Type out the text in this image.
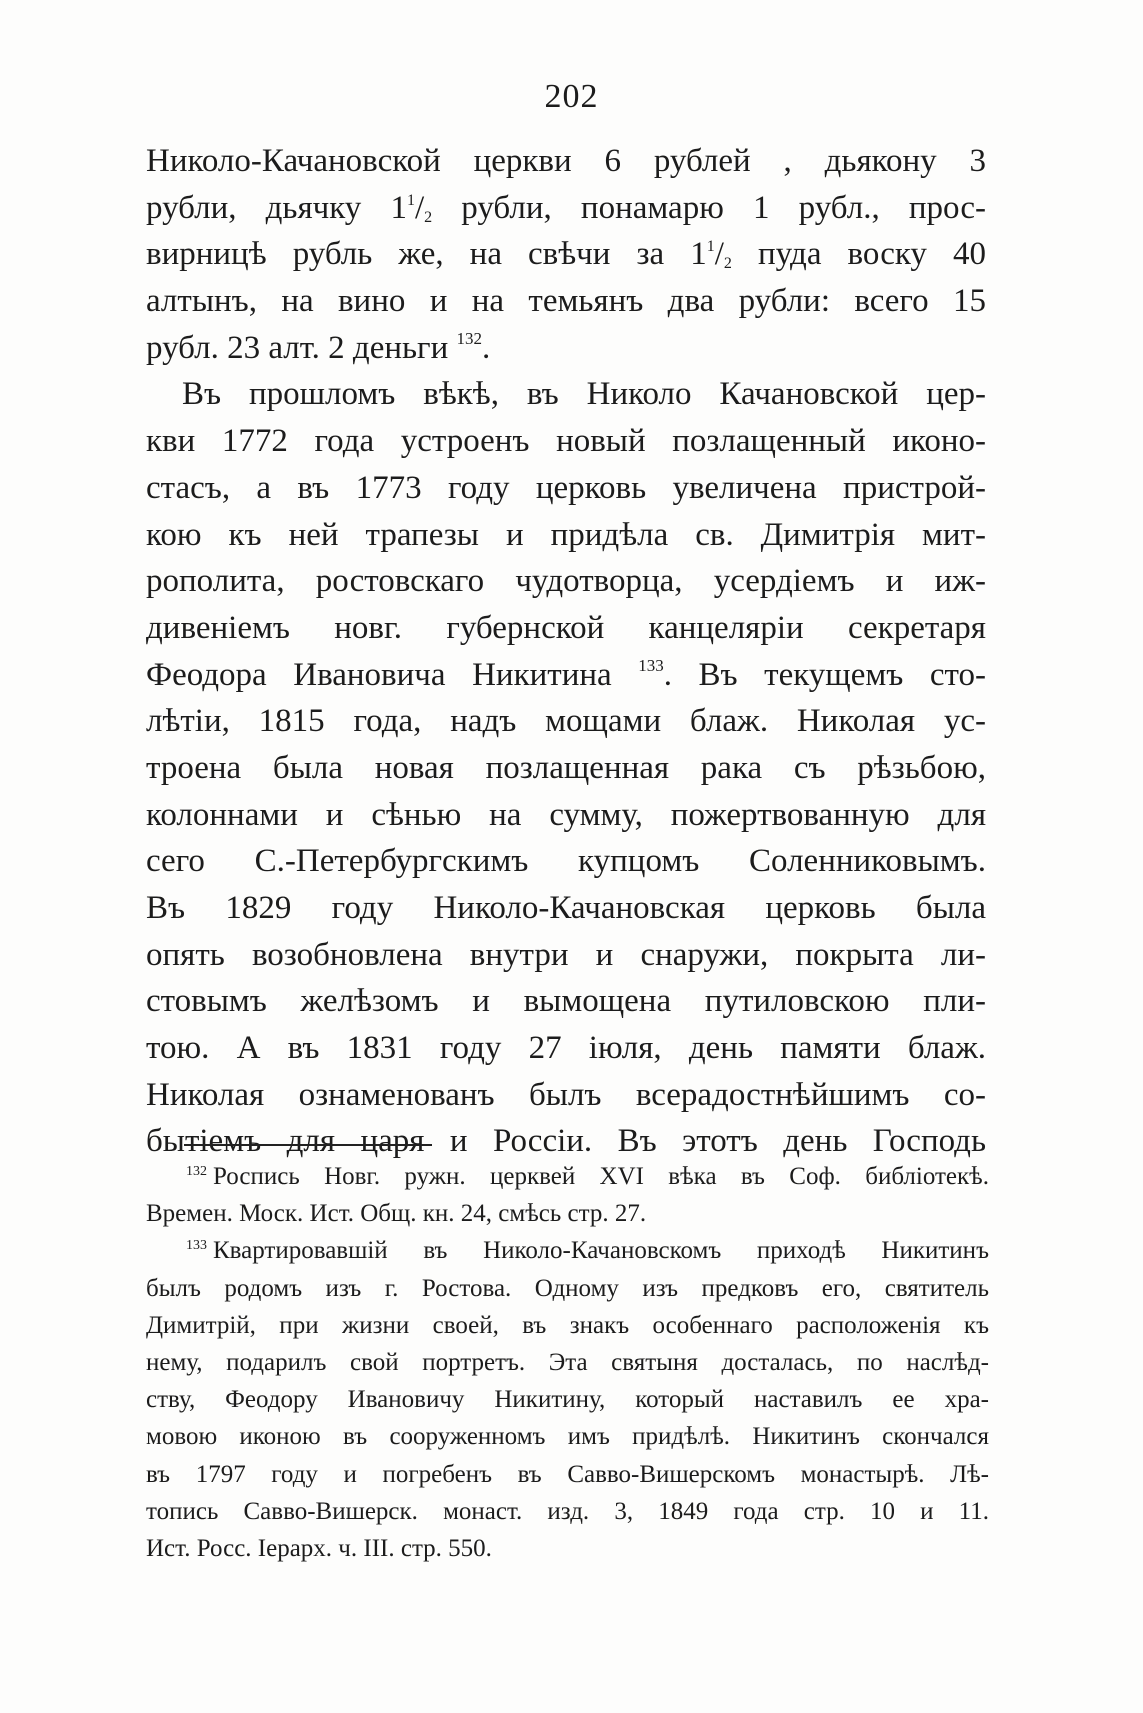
202
Николо-Качановской церкви 6 рублей , дьякону 3
рубли, дьячку $1^1/_2$ рубли, понамарю 1 рубл., прос-
вирницѣ рубль же, на свѣчи за $1^1/_2$ пуда воску 40
алтынъ, на вино и на темьянъ два рубли: всего 15
рубл. 23 алт. 2 деньги $^{132}$.
Въ прошломъ вѣкѣ, въ Николо Качановской цер-
кви 1772 года устроенъ новый позлащенный иконо-
стасъ, а въ 1773 году церковь увеличена пристрой-
кою къ ней трапезы и придѣла св. Димитрія мит-
рополита, ростовскаго чудотворца, усердіемъ и иж-
дивеніемъ новг. губернской канцеляріи секретаря
Феодора Ивановича Никитина $^{133}$. Въ текущемъ сто-
лѣтіи, 1815 года, надъ мощами блаж. Николая ус-
троена была новая позлащенная рака съ рѣзьбою,
колоннами и сѣнью на сумму, пожертвованную для
сего С.-Петербургскимъ купцомъ Соленниковымъ.
Въ 1829 году Николо-Качановская церковь была
опять возобновлена внутри и снаружи, покрыта ли-
стовымъ желѣзомъ и вымощена путиловскою пли-
тою. А въ 1831 году 27 іюля, день памяти блаж.
Николая ознаменованъ былъ всерадостнѣйшимъ со-
бытіемъ для царя и Россіи. Въ этотъ день Господь
$^{132}$ Роспись Новг. ружн. церквей XVI вѣка въ Соф. библіотекѣ.
Времен. Моск. Ист. Общ. кн. 24, смѣсь стр. 27.
$^{133}$ Квартировавшій въ Николо-Качановскомъ приходѣ Никитинъ
былъ родомъ изъ г. Ростова. Одному изъ предковъ его, святитель
Димитрій, при жизни своей, въ знакъ особеннаго расположенія къ
нему, подарилъ свой портретъ. Эта святыня досталась, по наслѣд-
ству, Феодору Ивановичу Никитину, который наставилъ ее хра-
мовою иконою въ сооруженномъ имъ придѣлѣ. Никитинъ скончался
въ 1797 году и погребенъ въ Савво-Вишерскомъ монастырѣ. Лѣ-
топись Савво-Вишерск. монаст. изд. 3, 1849 года стр. 10 и 11.
Ист. Росс. Іерарх. ч. III. стр. 550.
